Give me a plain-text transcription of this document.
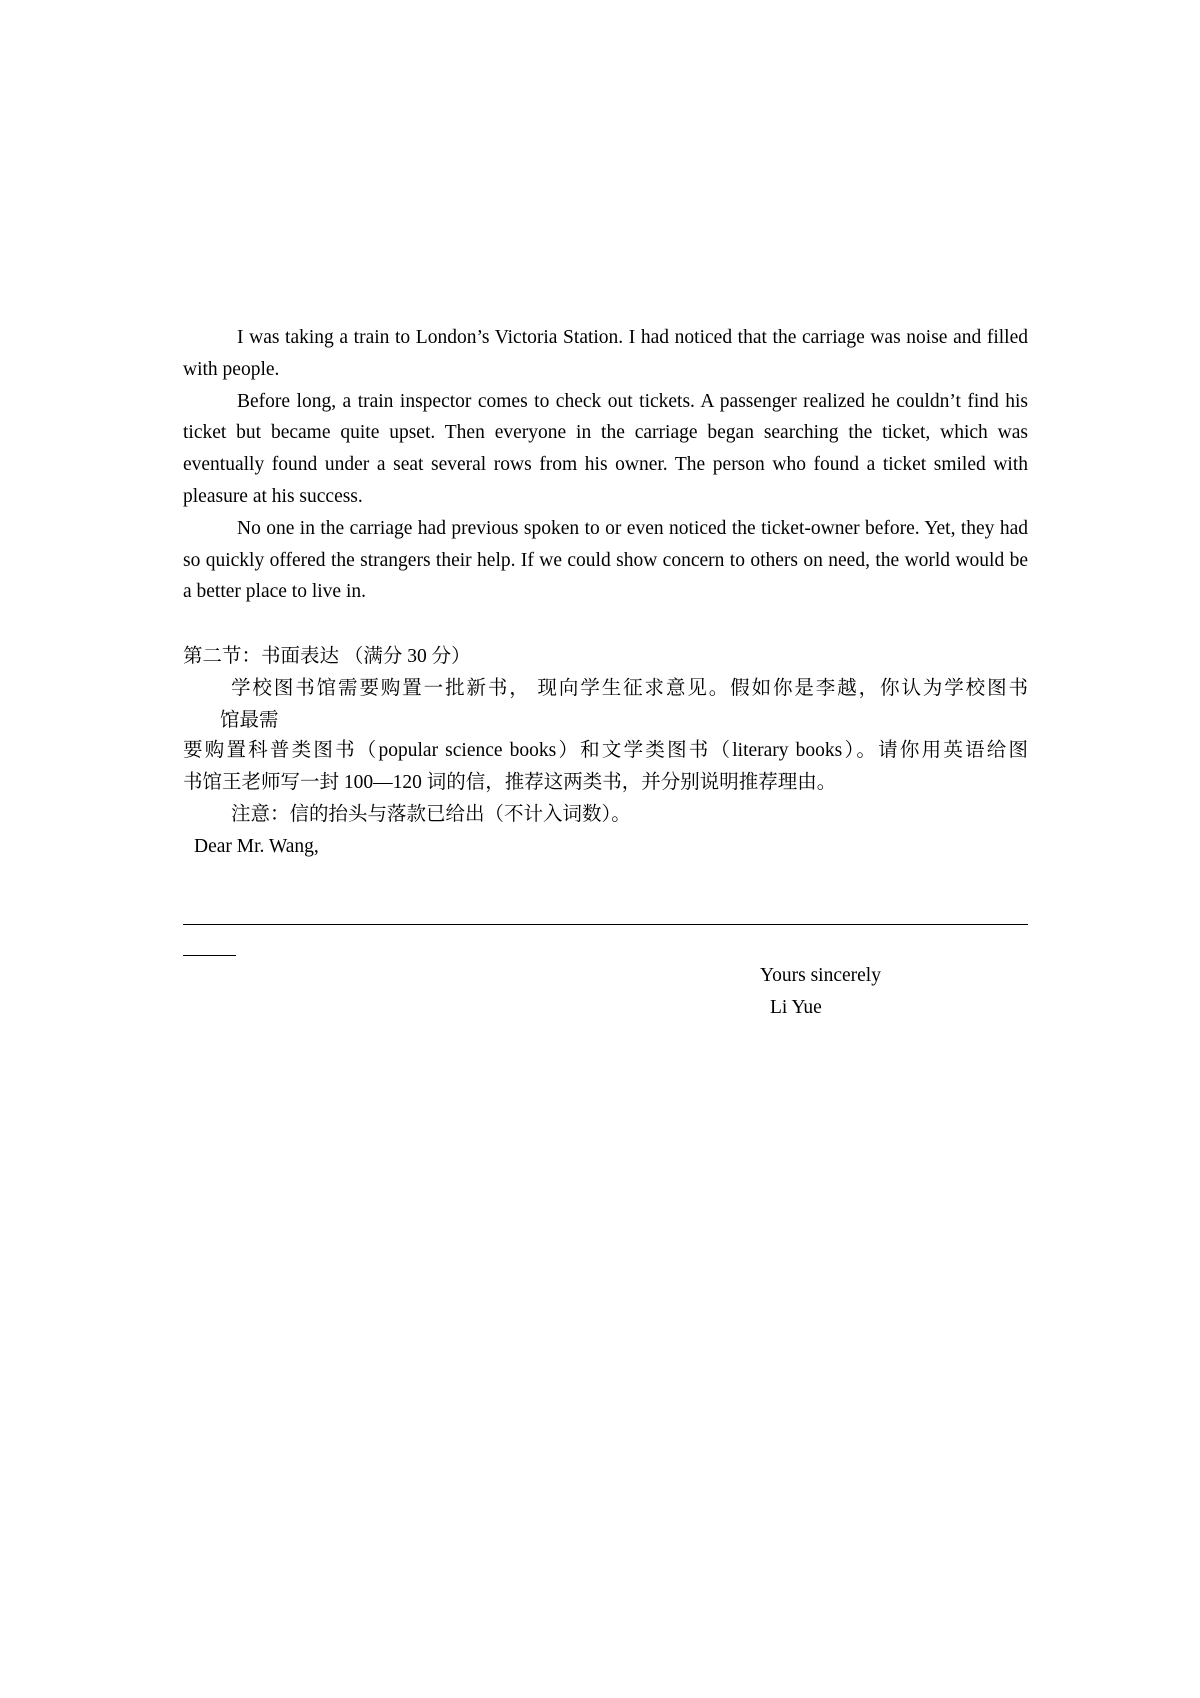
I was taking a train to London’s Victoria Station. I had noticed that the carriage was noise and filled with people.

Before long, a train inspector comes to check out tickets. A passenger realized he couldn’t find his ticket but became quite upset. Then everyone in the carriage began searching the ticket, which was eventually found under a seat several rows from his owner. The person who found a ticket smiled with pleasure at his success.

No one in the carriage had previous spoken to or even noticed the ticket-owner before. Yet, they had so quickly offered the strangers their help. If we could show concern to others on need, the world would be a better place to live in.

第二节：书面表达 （满分 30 分）
学校图书馆需要购置一批新书， 现向学生征求意见。假如你是李越，你认为学校图书
馆最需
要购置科普类图书（popular science books）和文学类图书（literary books）。请你用英语给图
书馆王老师写一封 100—120 词的信，推荐这两类书，并分别说明推荐理由。
注意：信的抬头与落款已给出（不计入词数）。
Dear Mr. Wang,
Yours sincerely
Li Yue
